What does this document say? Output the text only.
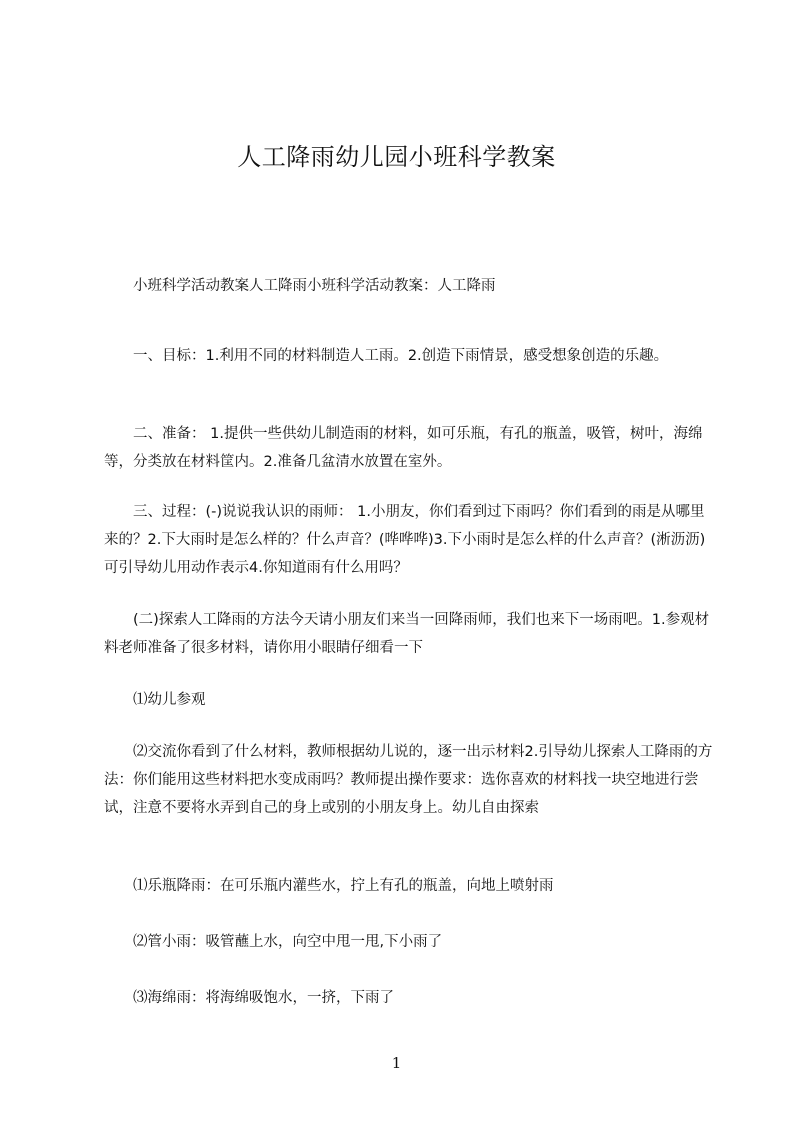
人工降雨幼儿园小班科学教案

小班科学活动教案人工降雨小班科学活动教案：人工降雨

一、目标：1.利用不同的材料制造人工雨。2.创造下雨情景，感受想象创造的乐趣。

二、准备： 1.提供一些供幼儿制造雨的材料，如可乐瓶，有孔的瓶盖，吸管，树叶，海绵等，分类放在材料筐内。2.准备几盆清水放置在室外。

三、过程：(-)说说我认识的雨师： 1.小朋友，你们看到过下雨吗？你们看到的雨是从哪里来的？2.下大雨时是怎么样的？什么声音？(哗哗哗)3.下小雨时是怎么样的什么声音？(淅沥沥)可引导幼儿用动作表示4.你知道雨有什么用吗？

(二)探索人工降雨的方法今天请小朋友们来当一回降雨师，我们也来下一场雨吧。1.参观材料老师准备了很多材料，请你用小眼睛仔细看一下

⑴幼儿参观

⑵交流你看到了什么材料，教师根据幼儿说的，逐一出示材料2.引导幼儿探索人工降雨的方法：你们能用这些材料把水变成雨吗？教师提出操作要求：选你喜欢的材料找一块空地进行尝试，注意不要将水弄到自己的身上或别的小朋友身上。幼儿自由探索

⑴乐瓶降雨：在可乐瓶内灌些水，拧上有孔的瓶盖，向地上喷射雨

⑵管小雨：吸管蘸上水，向空中甩一甩,下小雨了

⑶海绵雨：将海绵吸饱水，一挤，下雨了

1
